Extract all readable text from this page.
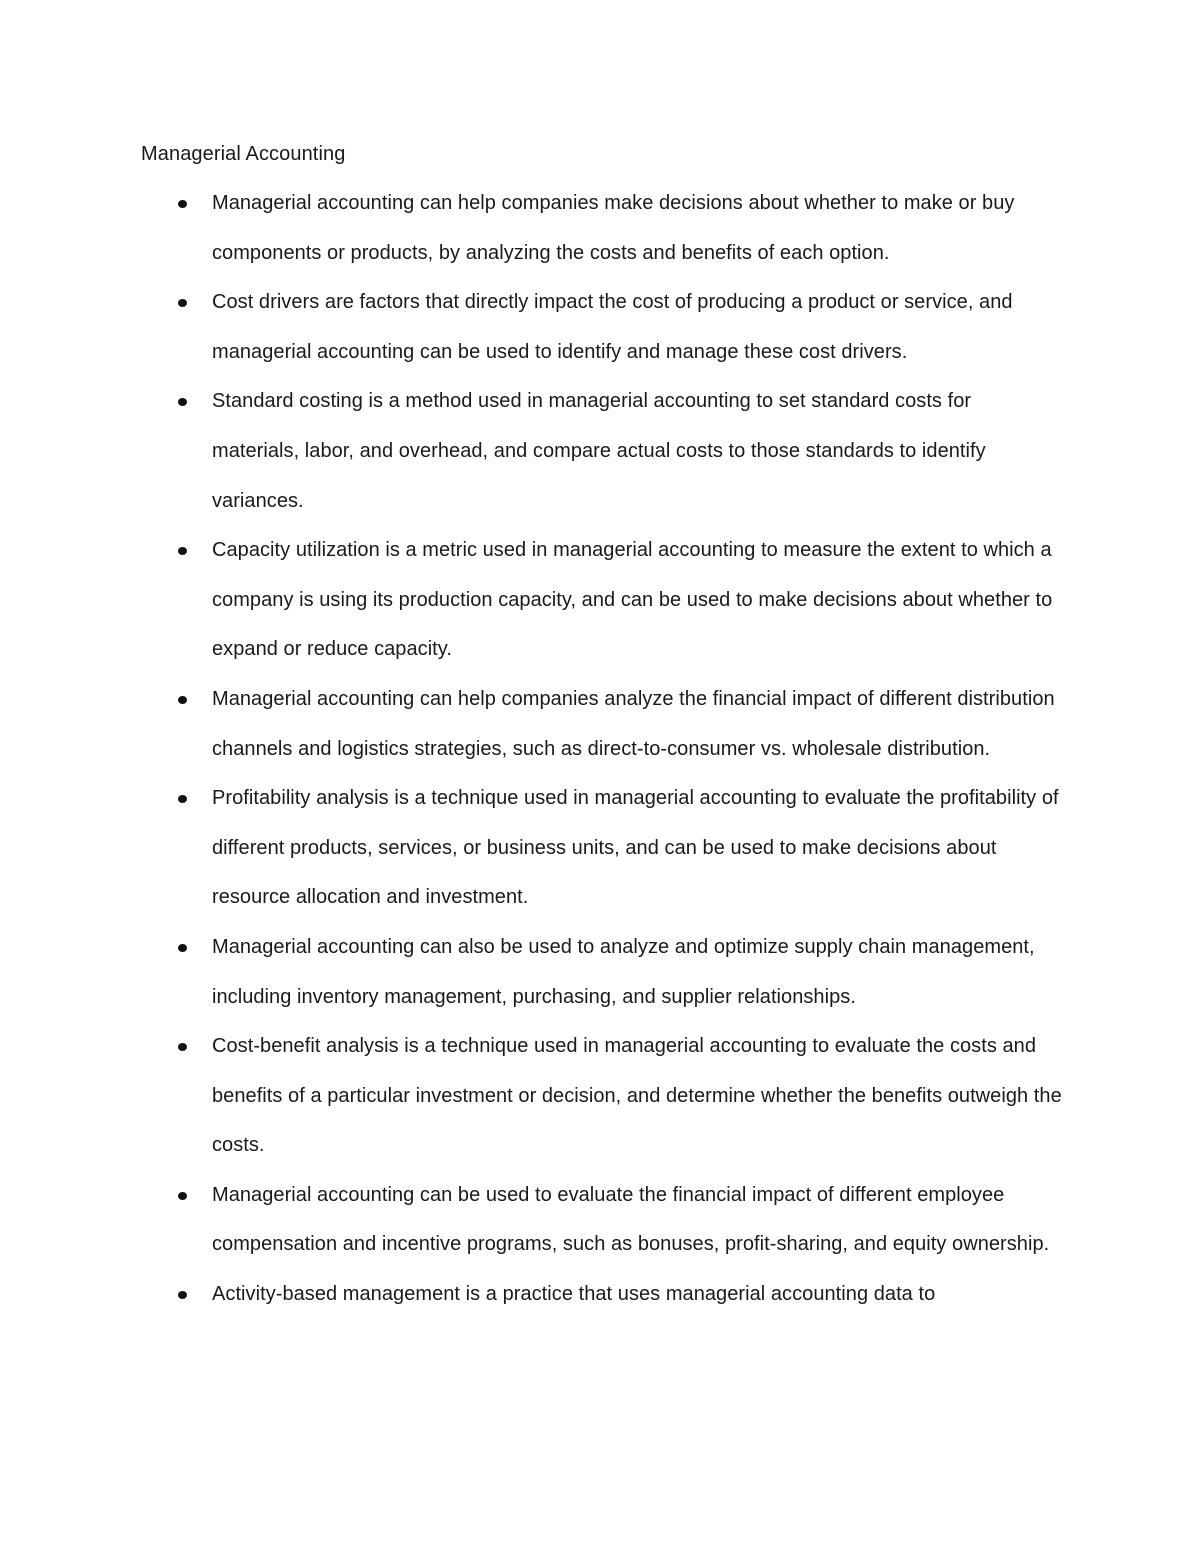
Managerial Accounting
Managerial accounting can help companies make decisions about whether to make or buy components or products, by analyzing the costs and benefits of each option.
Cost drivers are factors that directly impact the cost of producing a product or service, and managerial accounting can be used to identify and manage these cost drivers.
Standard costing is a method used in managerial accounting to set standard costs for materials, labor, and overhead, and compare actual costs to those standards to identify variances.
Capacity utilization is a metric used in managerial accounting to measure the extent to which a company is using its production capacity, and can be used to make decisions about whether to expand or reduce capacity.
Managerial accounting can help companies analyze the financial impact of different distribution channels and logistics strategies, such as direct-to-consumer vs. wholesale distribution.
Profitability analysis is a technique used in managerial accounting to evaluate the profitability of different products, services, or business units, and can be used to make decisions about resource allocation and investment.
Managerial accounting can also be used to analyze and optimize supply chain management, including inventory management, purchasing, and supplier relationships.
Cost-benefit analysis is a technique used in managerial accounting to evaluate the costs and benefits of a particular investment or decision, and determine whether the benefits outweigh the costs.
Managerial accounting can be used to evaluate the financial impact of different employee compensation and incentive programs, such as bonuses, profit-sharing, and equity ownership.
Activity-based management is a practice that uses managerial accounting data to
